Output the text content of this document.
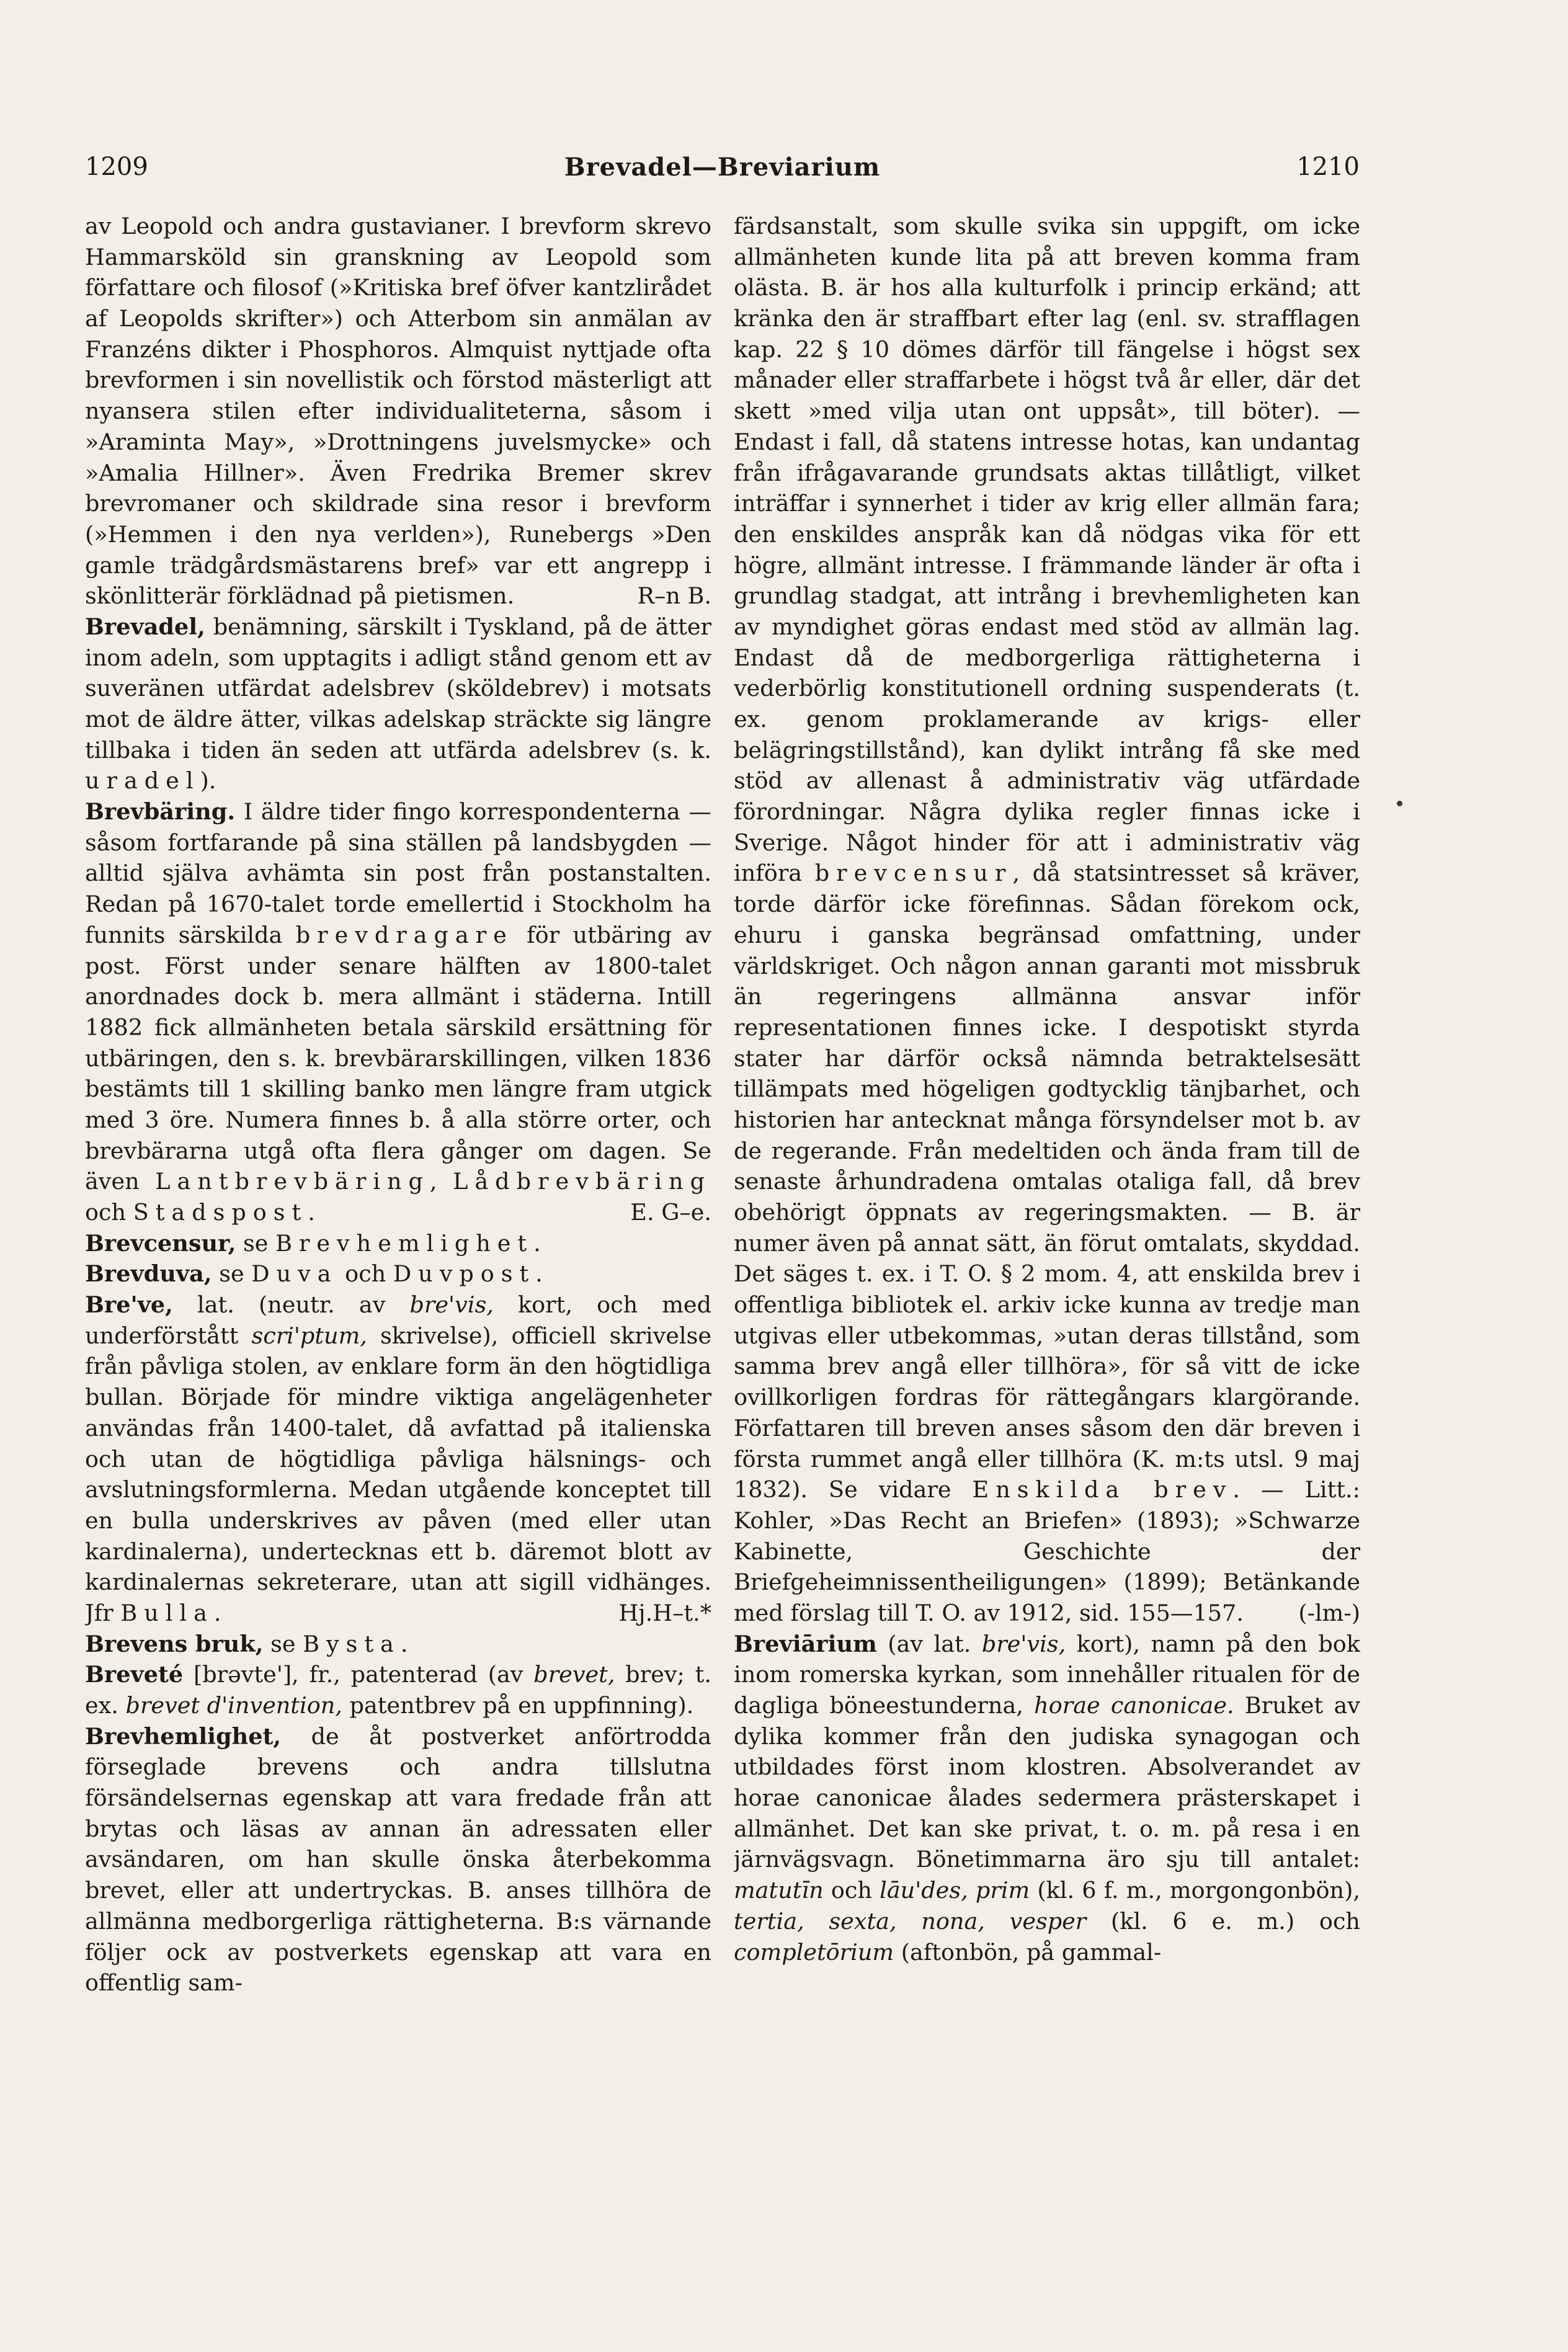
1209	Brevadel—Breviarium	1210

av Leopold och andra gustavianer. I brevform skrevo Hammarsköld sin granskning av Leopold som författare och filosof (»Kritiska bref öfver kantzlirådet af Leopolds skrifter») och Atterbom sin anmälan av Franzéns dikter i Phosphoros. Almquist nyttjade ofta brevformen i sin novellistik och förstod mästerligt att nyansera stilen efter individualiteterna, såsom i »Araminta May», »Drottningens juvelsmycke» och »Amalia Hillner». Även Fredrika Bremer skrev brevromaner och skildrade sina resor i brevform (»Hemmen i den nya verlden»), Runebergs »Den gamle trädgårdsmästarens bref» var ett angrepp i skönlitterär förklädnad på pietismen.	R–n B.

Brevadel, benämning, särskilt i Tyskland, på de ätter inom adeln, som upptagits i adligt stånd genom ett av suveränen utfärdat adelsbrev (sköldebrev) i motsats mot de äldre ätter, vilkas adelskap sträckte sig längre tillbaka i tiden än seden att utfärda adelsbrev (s. k. uradel).

Brevbäring. I äldre tider fingo korrespondenterna — såsom fortfarande på sina ställen på landsbygden — alltid själva avhämta sin post från postanstalten. Redan på 1670-talet torde emellertid i Stockholm ha funnits särskilda brevdragare för utbäring av post. Först under senare hälften av 1800-talet anordnades dock b. mera allmänt i städerna. Intill 1882 fick allmänheten betala särskild ersättning för utbäringen, den s. k. brevbärarskillingen, vilken 1836 bestämts till 1 skilling banko men längre fram utgick med 3 öre. Numera finnes b. å alla större orter, och brevbärarna utgå ofta flera gånger om dagen. Se även Lantbrevbäring, Lådbrevbäring och Stadspost.	E. G–e.

Brevcensur, se Brevhemlighet.

Brevduva, se Duva och Duvpost.

Bre've, lat. (neutr. av bre'vis, kort, och med underförstått scri'ptum, skrivelse), officiell skrivelse från påvliga stolen, av enklare form än den högtidliga bullan. Började för mindre viktiga angelägenheter användas från 1400-talet, då avfattad på italienska och utan de högtidliga påvliga hälsnings- och avslutningsformlerna. Medan utgående konceptet till en bulla underskrives av påven (med eller utan kardinalerna), undertecknas ett b. däremot blott av kardinalernas sekreterare, utan att sigill vidhänges. Jfr Bulla.	Hj.H–t.*

Brevens bruk, se Bysta.

Breveté [brəvte'], fr., patenterad (av brevet, brev; t. ex. brevet d'invention, patentbrev på en uppfinning).

Brevhemlighet, de åt postverket anförtrodda förseglade brevens och andra tillslutna försändelsernas egenskap att vara fredade från att brytas och läsas av annan än adressaten eller avsändaren, om han skulle önska återbekomma brevet, eller att undertryckas. B. anses tillhöra de allmänna medborgerliga rättigheterna. B:s värnande följer ock av postverkets egenskap att vara en offentlig sam-

färdsanstalt, som skulle svika sin uppgift, om icke allmänheten kunde lita på att breven komma fram olästa. B. är hos alla kulturfolk i princip erkänd; att kränka den är straffbart efter lag (enl. sv. strafflagen kap. 22 § 10 dömes därför till fängelse i högst sex månader eller straffarbete i högst två år eller, där det skett »med vilja utan ont uppsåt», till böter). — Endast i fall, då statens intresse hotas, kan undantag från ifrågavarande grundsats aktas tillåtligt, vilket inträffar i synnerhet i tider av krig eller allmän fara; den enskildes anspråk kan då nödgas vika för ett högre, allmänt intresse. I främmande länder är ofta i grundlag stadgat, att intrång i brevhemligheten kan av myndighet göras endast med stöd av allmän lag. Endast då de medborgerliga rättigheterna i vederbörlig konstitutionell ordning suspenderats (t. ex. genom proklamerande av krigs- eller belägringstillstånd), kan dylikt intrång få ske med stöd av allenast å administrativ väg utfärdade förordningar. Några dylika regler finnas icke i Sverige. Något hinder för att i administrativ väg införa brevcensur, då statsintresset så kräver, torde därför icke förefinnas. Sådan förekom ock, ehuru i ganska begränsad omfattning, under världskriget. Och någon annan garanti mot missbruk än regeringens allmänna ansvar inför representationen finnes icke. I despotiskt styrda stater har därför också nämnda betraktelsesätt tillämpats med högeligen godtycklig tänjbarhet, och historien har antecknat många försyndelser mot b. av de regerande. Från medeltiden och ända fram till de senaste århundradena omtalas otaliga fall, då brev obehörigt öppnats av regeringsmakten. — B. är numer även på annat sätt, än förut omtalats, skyddad. Det säges t. ex. i T. O. § 2 mom. 4, att enskilda brev i offentliga bibliotek el. arkiv icke kunna av tredje man utgivas eller utbekommas, »utan deras tillstånd, som samma brev angå eller tillhöra», för så vitt de icke ovillkorligen fordras för rättegångars klargörande. Författaren till breven anses såsom den där breven i första rummet angå eller tillhöra (K. m:ts utsl. 9 maj 1832). Se vidare Enskilda brev. — Litt.: Kohler, »Das Recht an Briefen» (1893); »Schwarze Kabinette, Geschichte der Briefgeheimnissentheiligungen» (1899); Betänkande med förslag till T. O. av 1912, sid. 155—157. (-lm-)

Breviārium (av lat. bre'vis, kort), namn på den bok inom romerska kyrkan, som innehåller ritualen för de dagliga böneestunderna, horae canonicae. Bruket av dylika kommer från den judiska synagogan och utbildades först inom klostren. Absolverandet av horae canonicae ålades sedermera prästerskapet i allmänhet. Det kan ske privat, t. o. m. på resa i en järnvägsvagn. Bönetimmarna äro sju till antalet: matutīn och lāu'des, prim (kl. 6 f. m., morgongonbön), tertia, sexta, nona, vesper (kl. 6 e. m.) och completōrium (aftonbön, på gammal-
